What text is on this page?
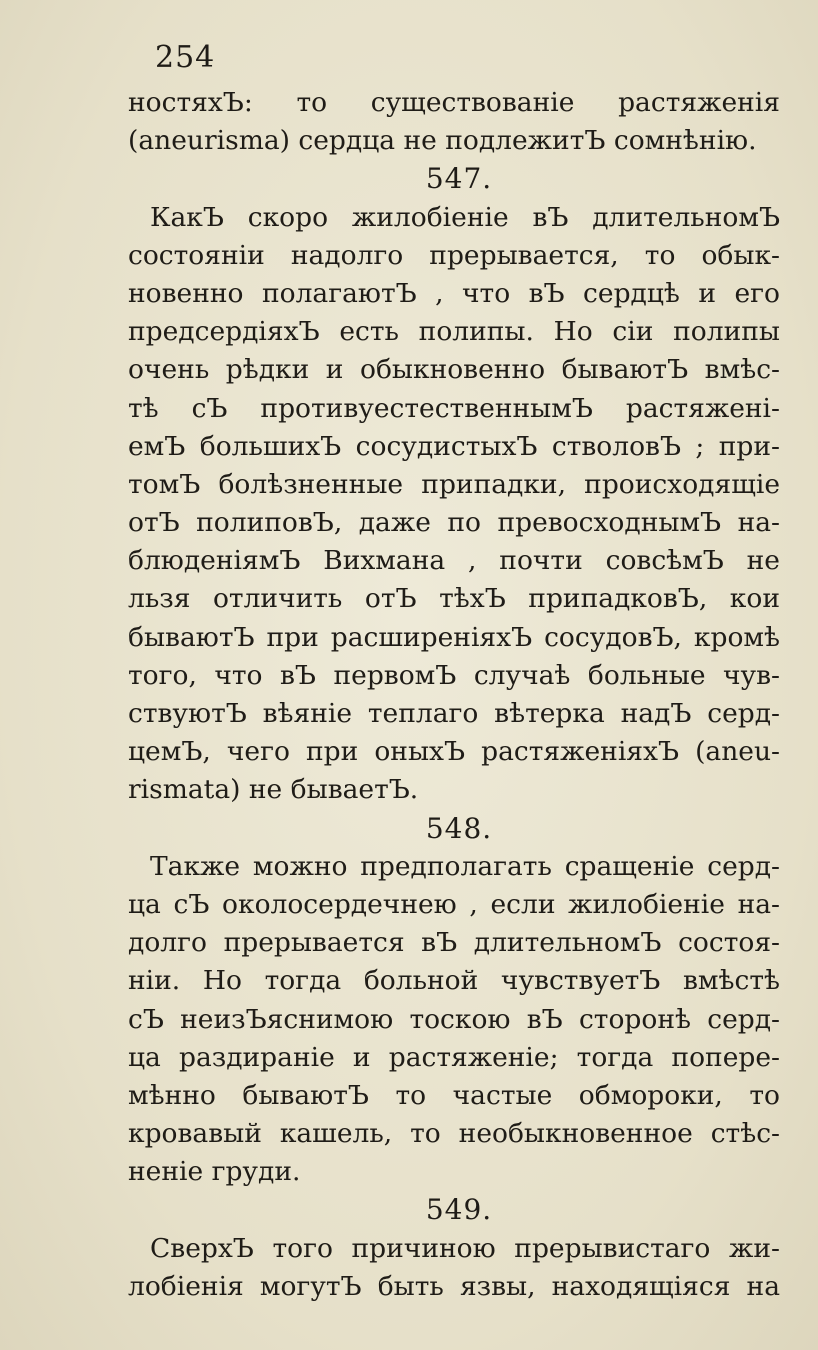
254
ностяхЪ: то существованіе растяженія
(aneurisma) сердца не подлежитЪ сомнѣнію.
547.
КакЪ скоро жилобіеніе вЪ длительномЪ
состояніи надолго прерывается, то обык-
новенно полагаютЪ , что вЪ сердцѣ и его
предсердіяхЪ есть полипы. Но сіи полипы
очень рѣдки и обыкновенно бываютЪ вмѣс-
тѣ сЪ противуестественнымЪ растяжені-
емЪ большихЪ сосудистыхЪ стволовЪ ; при-
томЪ болѣзненные припадки, происходящіе
отЪ полиповЪ, даже по превосходнымЪ на-
блюденіямЪ Вихмана , почти совсѣмЪ не
льзя отличить отЪ тѣхЪ припадковЪ, кои
бываютЪ при расширеніяхЪ сосудовЪ, кромѣ
того, что вЪ первомЪ случаѣ больные чув-
ствуютЪ вѣяніе теплаго вѣтерка надЪ серд-
цемЪ, чего при оныхЪ растяженіяхЪ (aneu-
rismata) не бываетЪ.
548.
Также можно предполагать сращеніе серд-
ца сЪ околосердечнею , если жилобіеніе на-
долго прерывается вЪ длительномЪ состоя-
ніи. Но тогда больной чувствуетЪ вмѣстѣ
сЪ неизЪяснимою тоскою вЪ сторонѣ серд-
ца раздираніе и растяженіе; тогда попере-
мѣнно бываютЪ то частые обмороки, то
кровавый кашель, то необыкновенное стѣс-
неніе груди.
549.
СверхЪ того причиною прерывистаго жи-
лобіенія могутЪ быть язвы, находящіяся на
